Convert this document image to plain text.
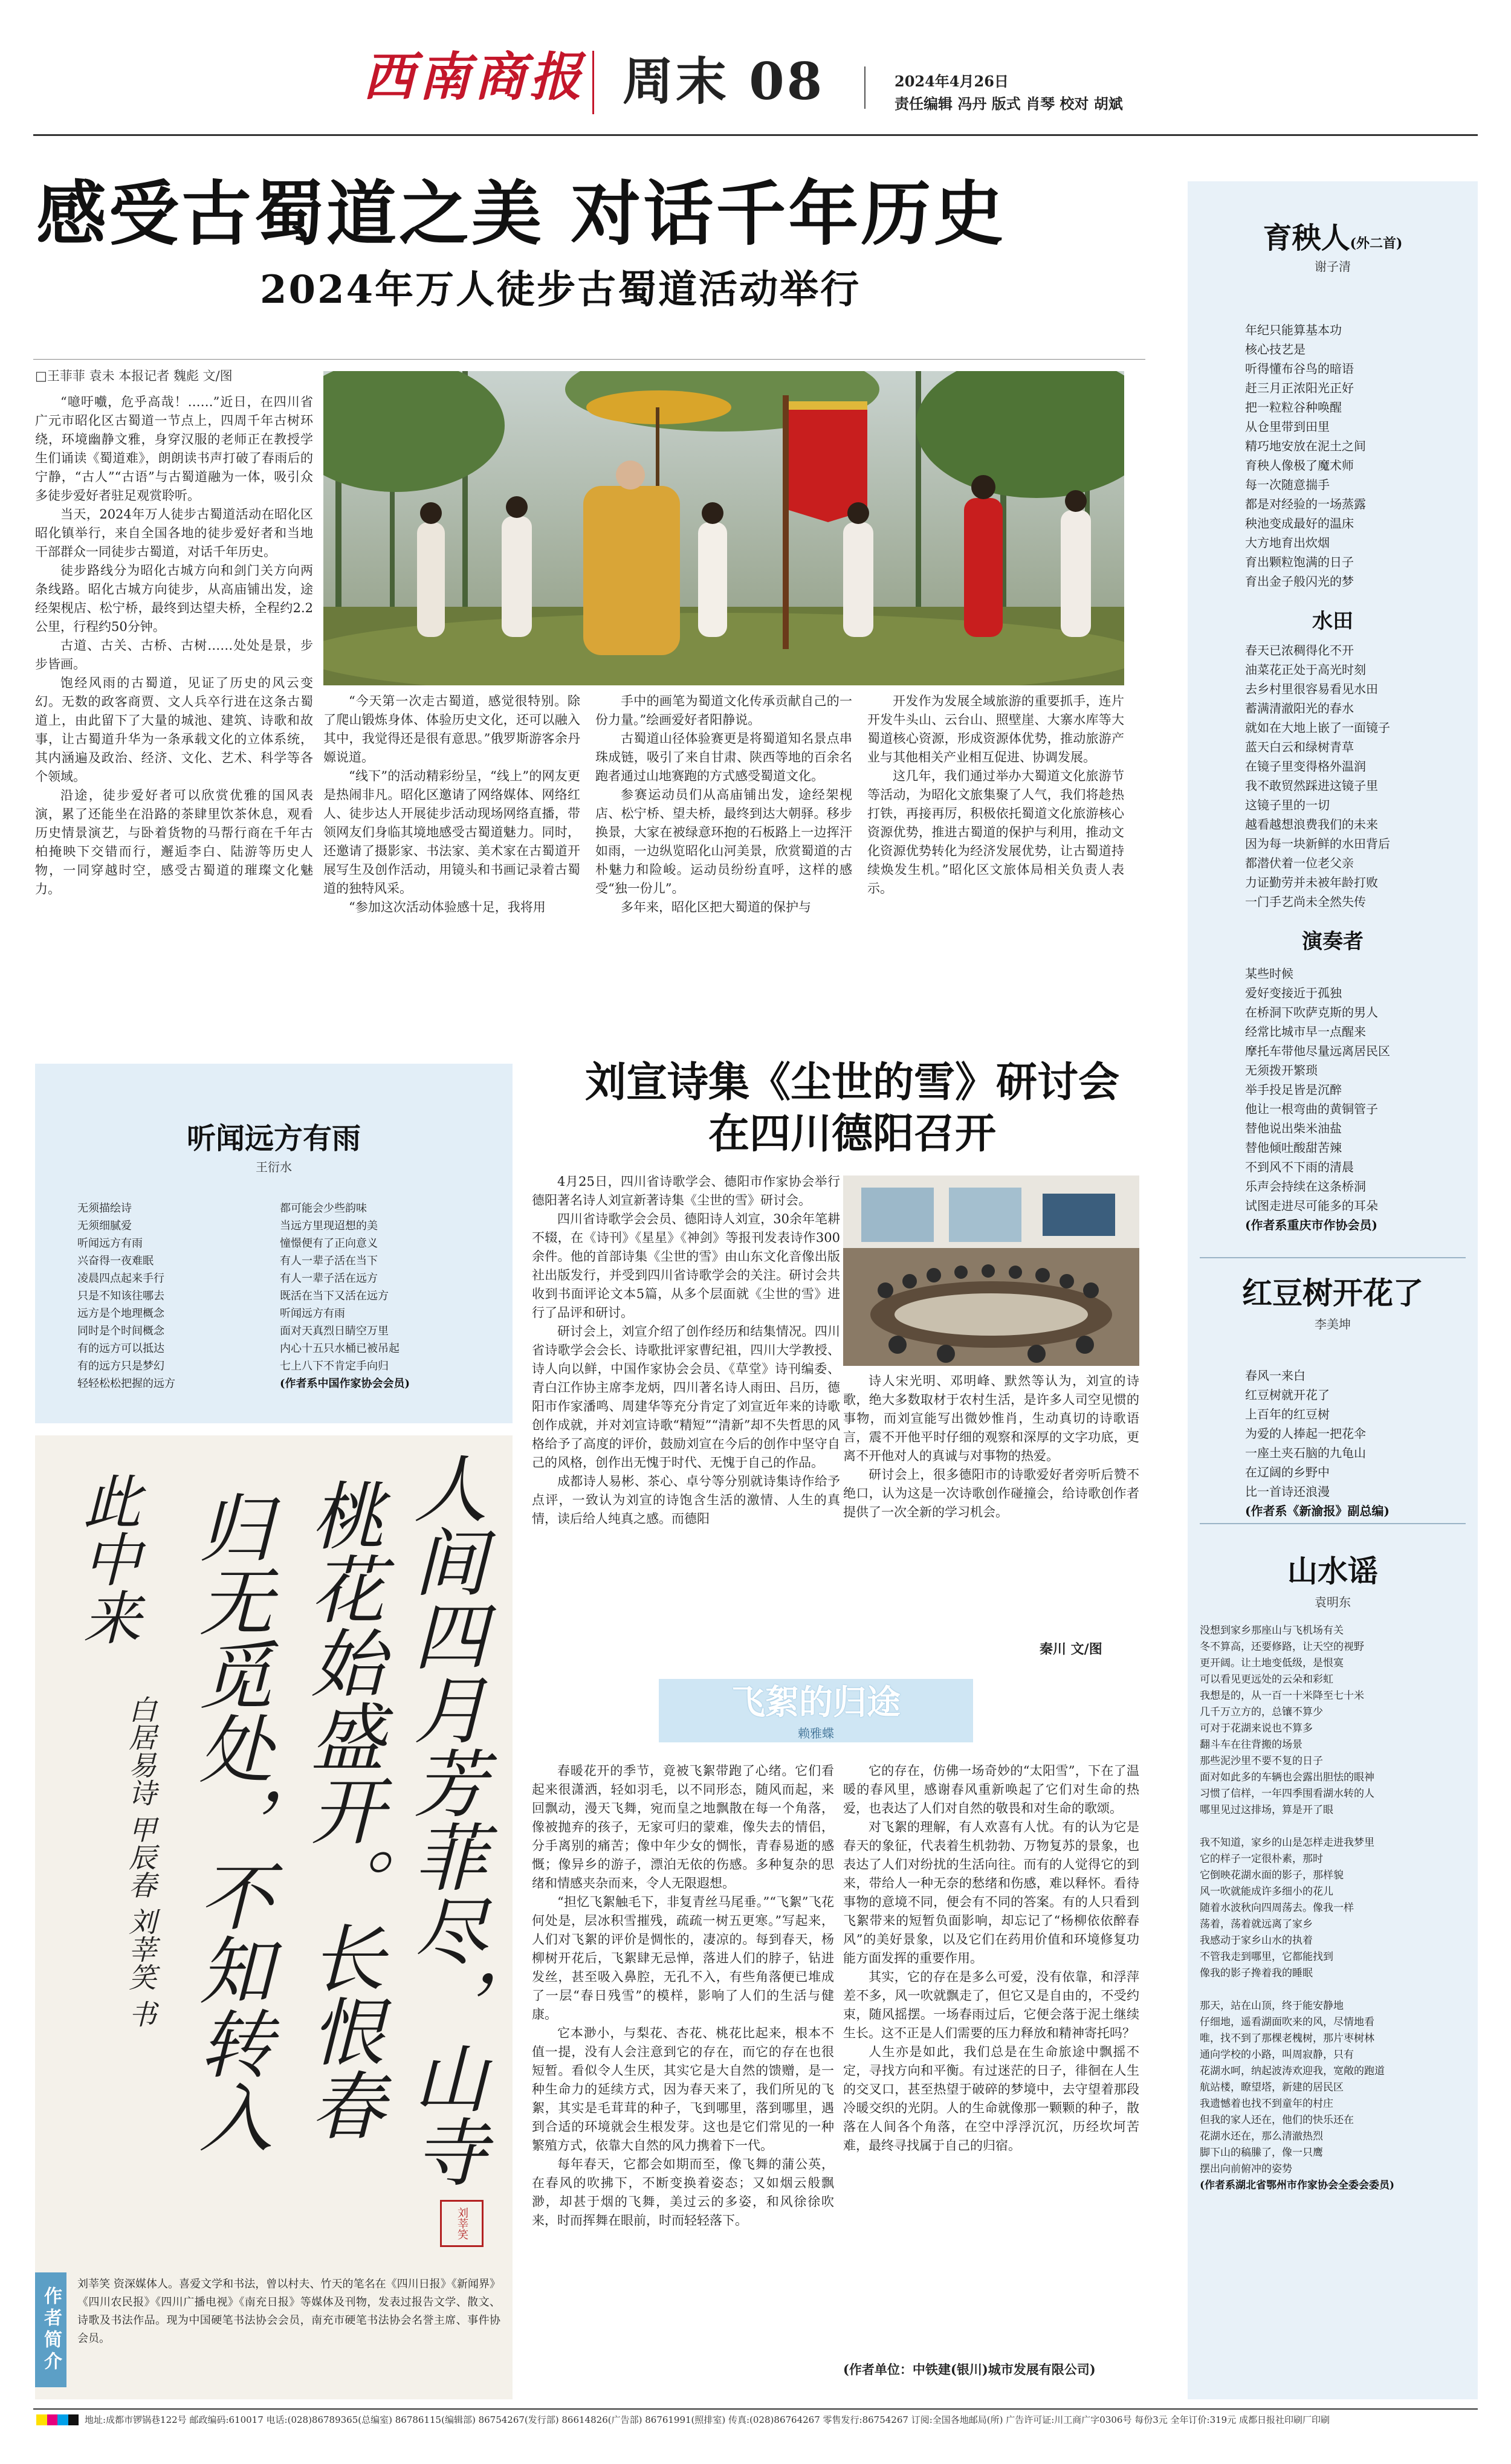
西南商报 周末 08	2024年4月26日
责任编辑 冯丹 版式 肖琴 校对 胡斌
感受古蜀道之美 对话千年历史
2024年万人徒步古蜀道活动举行
□王菲菲 袁未 本报记者 魏彪 文/图

“噫吁嚱，危乎高哉！……”近日，在四川省广元市昭化区古蜀道一节点上，四周千年古树环绕，环境幽静文雅，身穿汉服的老师正在教授学生们诵读《蜀道难》，朗朗读书声打破了春雨后的宁静，“古人”“古语”与古蜀道融为一体，吸引众多徒步爱好者驻足观赏聆听。

当天，2024年万人徒步古蜀道活动在昭化区昭化镇举行，来自全国各地的徒步爱好者和当地干部群众一同徒步古蜀道，对话千年历史。

徒步路线分为昭化古城方向和剑门关方向两条线路。昭化古城方向徒步，从高庙铺出发，途经架枧店、松宁桥，最终到达望夫桥，全程约2.2公里，行程约50分钟。

古道、古关、古桥、古树……处处是景，步步皆画。

饱经风雨的古蜀道，见证了历史的风云变幻。无数的政客商贾、文人兵卒行进在这条古蜀道上，由此留下了大量的城池、建筑、诗歌和故事，让古蜀道升华为一条承载文化的立体系统，其内涵遍及政治、经济、文化、艺术、科学等各个领域。

沿途，徒步爱好者可以欣赏优雅的国风表演，累了还能坐在沿路的茶肆里饮茶休息，观看历史情景演艺，与卧着货物的马帮行商在千年古柏掩映下交错而行，邂逅李白、陆游等历史人物，一同穿越时空，感受古蜀道的璀璨文化魅力。

“今天第一次走古蜀道，感觉很特别。除了爬山锻炼身体、体验历史文化，还可以融入其中，我觉得还是很有意思。”俄罗斯游客余丹嫄说道。

“线下”的活动精彩纷呈，“线上”的网友更是热闹非凡。昭化区邀请了网络媒体、网络红人、徒步达人开展徒步活动现场网络直播，带领网友们身临其境地感受古蜀道魅力。同时，还邀请了摄影家、书法家、美术家在古蜀道开展写生及创作活动，用镜头和书画记录着古蜀道的独特风采。

“参加这次活动体验感十足，我将用

手中的画笔为蜀道文化传承贡献自己的一份力量。”绘画爱好者阳静说。

古蜀道山径体验赛更是将蜀道知名景点串珠成链，吸引了来自甘肃、陕西等地的百余名跑者通过山地赛跑的方式感受蜀道文化。

参赛运动员们从高庙铺出发，途经架枧店、松宁桥、望夫桥，最终到达大朝驿。移步换景，大家在被绿意环抱的石板路上一边挥汗如雨，一边纵览昭化山河美景，欣赏蜀道的古朴魅力和险峻。运动员纷纷直呼，这样的感受“独一份儿”。

多年来，昭化区把大蜀道的保护与

开发作为发展全域旅游的重要抓手，连片开发牛头山、云台山、照壁崖、大寨水库等大蜀道核心资源，形成资源体优势，推动旅游产业与其他相关产业相互促进、协调发展。

这几年，我们通过举办大蜀道文化旅游节等活动，为昭化文旅集聚了人气，我们将趁热打铁，再接再厉，积极依托蜀道文化旅游核心资源优势，推进古蜀道的保护与利用，推动文化资源优势转化为经济发展优势，让古蜀道持续焕发生机。”昭化区文旅体局相关负责人表示。

育秧人(外二首)
谢子清
年纪只能算基本功
核心技艺是
听得懂布谷鸟的暗语
赶三月正浓阳光正好
把一粒粒谷种唤醒
从仓里带到田里
精巧地安放在泥土之间
育秧人像极了魔术师
每一次随意揣手
都是对经验的一场蒸露
秧池变成最好的温床
大方地育出炊烟
育出颗粒饱满的日子
育出金子般闪光的梦
水田
春天已浓稠得化不开
油菜花正处于高光时刻
去乡村里很容易看见水田
蓄满清澈阳光的春水
就如在大地上嵌了一面镜子
蓝天白云和绿树青草
在镜子里变得格外温润
我不敢贸然踩进这镜子里
这镜子里的一切
越看越想浪费我们的未来
因为每一块新鲜的水田背后
都潜伏着一位老父亲
力证勤劳并未被年龄打败
一门手艺尚未全然失传
演奏者
某些时候
爱好变接近于孤独
在桥洞下吹萨克斯的男人
经常比城市早一点醒来
摩托车带他尽量远离居民区
无须拨开繁琐
举手投足皆是沉醉
他让一根弯曲的黄铜管子
替他说出柴米油盐
替他倾吐酸甜苦辣
不到风不下雨的清晨
乐声会持续在这条桥洞
试图走进尽可能多的耳朵
(作者系重庆市作协会员)
红豆树开花了
李美坤
春风一来白
红豆树就开花了
上百年的红豆树
为爱的人捧起一把花伞
一座土夹石脑的九龟山
在辽阔的乡野中
比一首诗还浪漫
(作者系《新渝报》副总编)
山水谣
袁明东
没想到家乡那座山与飞机场有关
冬不算高，还要修路，让天空的视野
更开阔。让土地变低级，是恨寞
可以看见更远处的云朵和彩虹
我想是的，从一百一十米降至七十米
几千万立方的，总镶不算少
可对于花湖来说也不算多
翻斗车在往背搬的场景
那些泥沙里不要不复的日子
面对如此多的车辆也会露出胆怯的眼神
习惯了信样，一年四季围看湖水转的人
哪里见过这排场，算是开了眼
我不知道，家乡的山是怎样走进我梦里
它的样子一定很朴素，那时
它倒映花湖水面的影子，那样貌
风一吹就能成许多细小的花儿
随着水波秋向四周荡去。像我一样
荡着，荡着就远离了家乡
我感动于家乡山水的执着
不管我走到哪里，它都能找到
像我的影子搀着我的睡眠
那天，站在山顶，终于能安静地
仔细地，遥看湖面吹来的风，尽情地看
唯，找不到了那棵老槐树，那片枣树林
通向学校的小路，叫周寂静，只有
花湖水呵，纳起波涛欢迎我，宽敞的跑道
航站楼，瞭望塔，新建的居民区
我遗憾着也找不到童年的村庄
但我的家人还在，他们的快乐还在
花湖水还在，那么清澈热烈
脚下山的稿縢了，像一只鹰
摆出向前俯冲的姿势
(作者系湖北省鄂州市作家协会全委会委员)
听闻远方有雨
王衍水
无须描绘诗
无须细腻爱
听闻远方有雨
兴奋得一夜难眠
凌晨四点起来手行
只是不知该往哪去
远方是个地理概念
同时是个时间概念
有的远方可以抵达
有的远方只是梦幻
轻轻松松把握的远方
都可能会少些韵味
当远方里现迢想的美
憧憬便有了正向意义
有人一辈子活在当下
有人一辈子活在远方
既活在当下又活在远方
听闻远方有雨
面对天真烈日睛空万里
内心十五只水桶已被吊起
七上八下不肯定手向归
(作者系中国作家协会会员)
人间四月芳菲尽，山寺
桃花始盛开。长恨春
归无觅处，不知转入
此中来
白居易诗 甲辰春 刘莘笑 书
刘莘笑
作者简介
刘莘笑 资深媒体人。喜爱文学和书法，曾以村夫、竹天的笔名在《四川日报》《新闻界》《四川农民报》《四川广播电视》《南充日报》等媒体及刊物，发表过报告文学、散文、诗歌及书法作品。现为中国硬笔书法协会会员，南充市硬笔书法协会名誉主席、事件协会员。
刘宣诗集《尘世的雪》研讨会
在四川德阳召开

4月25日，四川省诗歌学会、德阳市作家协会举行德阳著名诗人刘宣新著诗集《尘世的雪》研讨会。

四川省诗歌学会会员、德阳诗人刘宣，30余年笔耕不辍，在《诗刊》《星星》《神剑》等报刊发表诗作300余件。他的首部诗集《尘世的雪》由山东文化音像出版社出版发行，并受到四川省诗歌学会的关注。研讨会共收到书面评论文本5篇，从多个层面就《尘世的雪》进行了品评和研讨。

研讨会上，刘宣介绍了创作经历和结集情况。四川省诗歌学会会长、诗歌批评家曹纪祖，四川大学教授、诗人向以鲜，中国作家协会会员、《草堂》诗刊编委、青白江作协主席李龙炳，四川著名诗人雨田、吕历，德阳市作家潘鸣、周建华等充分肯定了刘宣近年来的诗歌创作成就，并对刘宣诗歌“精短”“清新”却不失哲思的风格给予了高度的评价，鼓励刘宣在今后的创作中坚守自己的风格，创作出无愧于时代、无愧于自己的作品。

成都诗人易彬、茶心、卓兮等分别就诗集诗作给予点评，一致认为刘宣的诗饱含生活的激情、人生的真情，读后给人纯真之感。而德阳

诗人宋光明、邓明峰、默然等认为，刘宣的诗歌，绝大多数取材于农村生活，是许多人司空见惯的事物，而刘宣能写出微妙惟肖，生动真切的诗歌语言，震不开他平时仔细的观察和深厚的文字功底，更离不开他对人的真诚与对事物的热爱。

研讨会上，很多德阳市的诗歌爱好者旁听后赞不绝口，认为这是一次诗歌创作碰撞会，给诗歌创作者提供了一次全新的学习机会。

秦川 文/图
飞絮的归途
赖雅蝶

春暖花开的季节，竟被飞絮带跑了心绪。它们看起来很潇洒，轻如羽毛，以不同形态，随风而起，来回飘动，漫天飞舞，宛而皇之地飘散在每一个角落，像被抛弃的孩子，无家可归的蒙难，像失去的情侣，分手离别的痛苦；像中年少女的惆怅，青春易逝的感慨；像异乡的游子，漂泊无依的伤感。多种复杂的思绪和情感夹杂而来，令人无限遐想。

“担忆飞絮触毛下，非复青丝马尾垂。”“飞絮”飞花何处是，层冰积雪摧残，疏疏一树五更寒。”写起来，人们对飞絮的评价是惆怅的，凄凉的。每到春天，杨柳树开花后，飞絮肆无忌惮，落进人们的脖子，钻进发丝，甚至吸入鼻腔，无孔不入，有些角落便已堆成了一层“春日残雪”的模样，影响了人们的生活与健康。

它本渺小，与梨花、杏花、桃花比起来，根本不值一提，没有人会注意到它的存在，而它的存在也很短暂。看似令人生厌，其实它是大自然的馈赠，是一种生命力的延续方式，因为春天来了，我们所见的飞絮，其实是毛茸茸的种子，飞到哪里，落到哪里，遇到合适的环境就会生根发芽。这也是它们常见的一种繁殖方式，依靠大自然的风力携着下一代。

每年春天，它都会如期而至，像飞舞的蒲公英，在春风的吹拂下，不断变换着姿态；又如烟云般飘渺，却甚于烟的飞舞，美过云的多姿，和风徐徐吹来，时而挥舞在眼前，时而轻轻落下。

它的存在，仿佛一场奇妙的“太阳雪”，下在了温暖的春风里，感谢春风重新唤起了它们对生命的热爱，也表达了人们对自然的敬畏和对生命的歌颂。

对飞絮的理解，有人欢喜有人忧。有的认为它是春天的象征，代表着生机勃勃、万物复苏的景象，也表达了人们对纷扰的生活向往。而有的人觉得它的到来，带给人一种无奈的愁绪和伤感，难以释怀。看待事物的意境不同，便会有不同的答案。有的人只看到飞絮带来的短暂负面影响，却忘记了“杨柳依依醉春风”的美好景象，以及它们在药用价值和环境修复功能方面发挥的重要作用。

其实，它的存在是多么可爱，没有依靠，和浮萍差不多，风一吹就飘走了，但它又是自由的，不受约束，随风摇摆。一场春雨过后，它便会落于泥土继续生长。这不正是人们需要的压力释放和精神寄托吗？

人生亦是如此，我们总是在生命旅途中飘摇不定，寻找方向和平衡。有过迷茫的日子，徘徊在人生的交叉口，甚至热望于破碎的梦境中，去守望着那段冷暖交织的光阴。人的生命就像那一颗颗的种子，散落在人间各个角落，在空中浮浮沉沉，历经坎坷苦难，最终寻找属于自己的归宿。

(作者单位：中铁建(银川)城市发展有限公司)
地址:成都市锣锅巷122号 邮政编码:610017 电话:(028)86789365(总编室) 86786115(编辑部) 86754267(发行部) 86614826(广告部) 86761991(照排室) 传真:(028)86764267 零售发行:86754267 订阅:全国各地邮局(所) 广告许可证:川工商广字0306号 每份3元 全年订价:319元 成都日报社印刷厂印刷
